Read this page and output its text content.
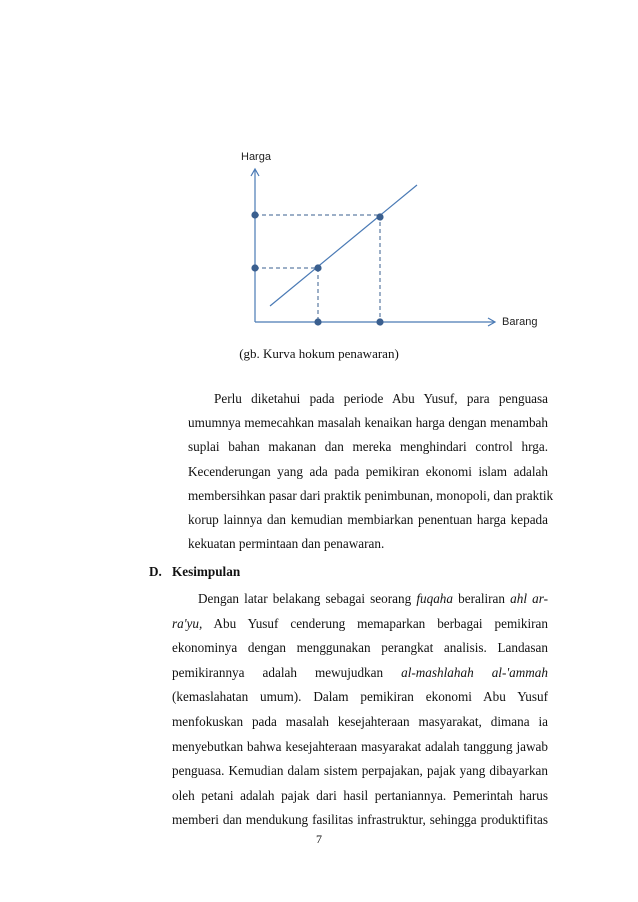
Harga
Barang
(gb. Kurva hokum penawaran)
Perlu diketahui pada periode Abu Yusuf, para penguasa
umumnya memecahkan masalah kenaikan harga dengan menambah
suplai bahan makanan dan mereka menghindari control hrga.
Kecenderungan yang ada pada pemikiran ekonomi islam adalah
membersihkan pasar dari praktik penimbunan, monopoli, dan praktik
korup lainnya dan kemudian membiarkan penentuan harga kepada
kekuatan permintaan dan penawaran.
D. Kesimpulan
Dengan latar belakang sebagai seorang fuqaha beraliran ahl ar-
ra'yu, Abu Yusuf cenderung memaparkan berbagai pemikiran
ekonominya dengan menggunakan perangkat analisis. Landasan
pemikirannya adalah mewujudkan al-mashlahah al-'ammah
(kemaslahatan umum). Dalam pemikiran ekonomi Abu Yusuf
menfokuskan pada masalah kesejahteraan masyarakat, dimana ia
menyebutkan bahwa kesejahteraan masyarakat adalah tanggung jawab
penguasa. Kemudian dalam sistem perpajakan, pajak yang dibayarkan
oleh petani adalah pajak dari hasil pertaniannya. Pemerintah harus
memberi dan mendukung fasilitas infrastruktur, sehingga produktifitas
7
